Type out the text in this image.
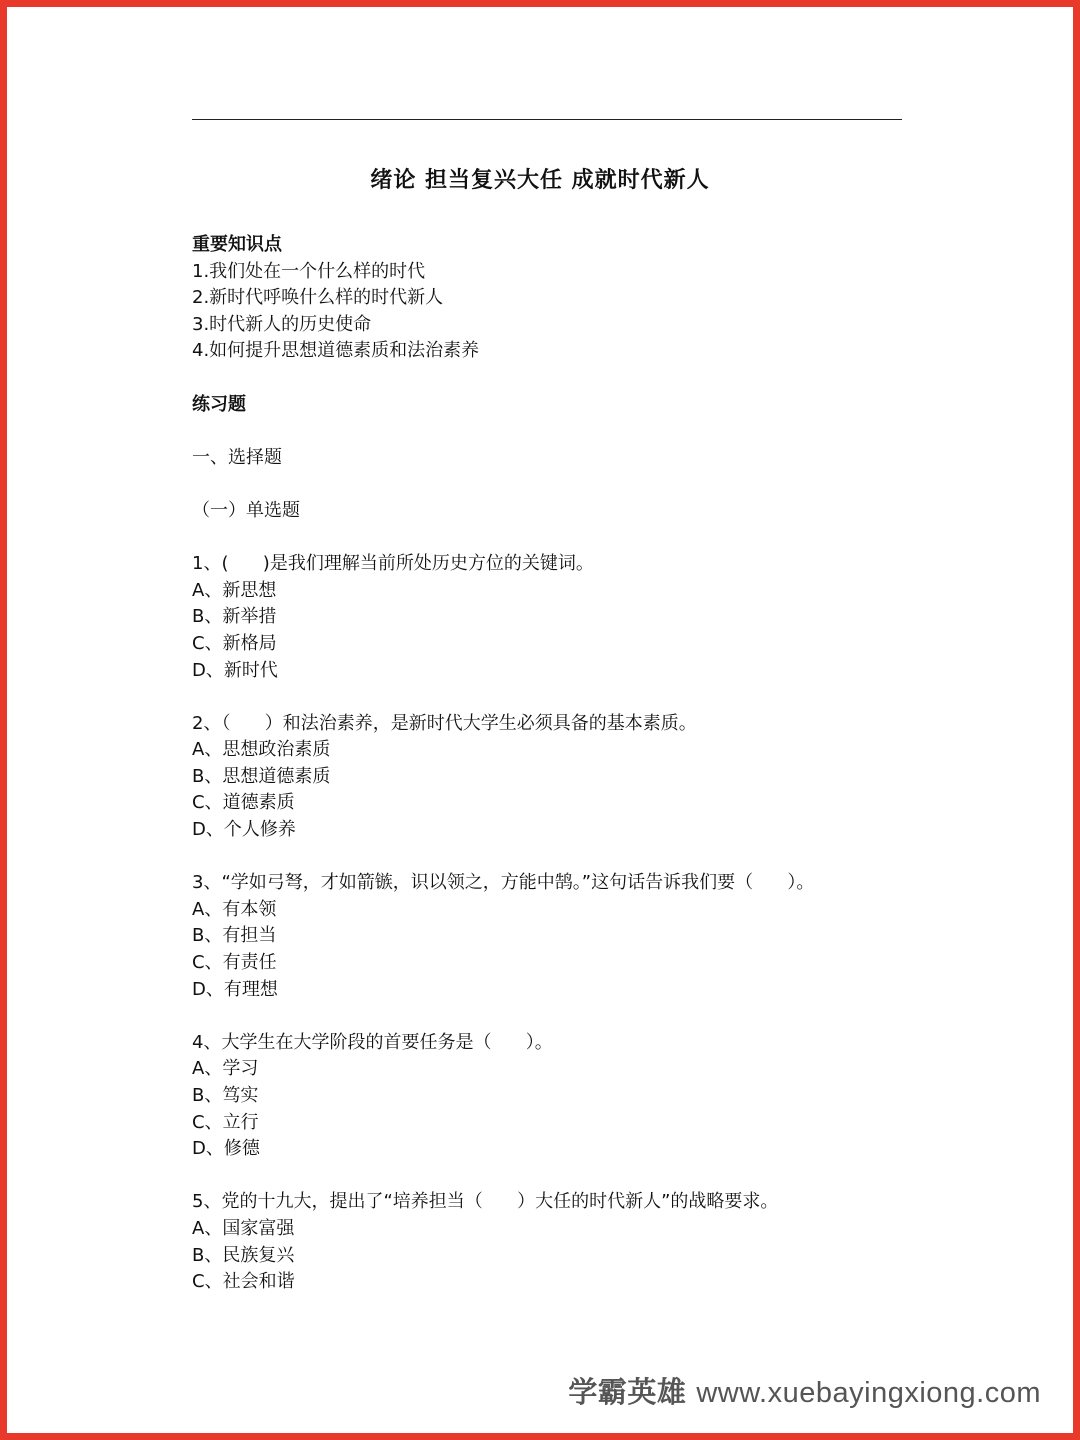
绪论 担当复兴大任 成就时代新人
重要知识点
1.我们处在一个什么样的时代
2.新时代呼唤什么样的时代新人
3.时代新人的历史使命
4.如何提升思想道德素质和法治素养
练习题
一、选择题
（一）单选题
1、(      )是我们理解当前所处历史方位的关键词。
A、新思想
B、新举措
C、新格局
D、新时代
2、（      ）和法治素养，是新时代大学生必须具备的基本素质。
A、思想政治素质
B、思想道德素质
C、道德素质
D、个人修养
3、“学如弓弩，才如箭镞，识以领之，方能中鹄。”这句话告诉我们要（      ）。
A、有本领
B、有担当
C、有责任
D、有理想
4、大学生在大学阶段的首要任务是（      ）。
A、学习
B、笃实
C、立行
D、修德
5、党的十九大，提出了“培养担当（      ）大任的时代新人”的战略要求。
A、国家富强
B、民族复兴
C、社会和谐
学霸英雄 www.xuebayingxiong.com
